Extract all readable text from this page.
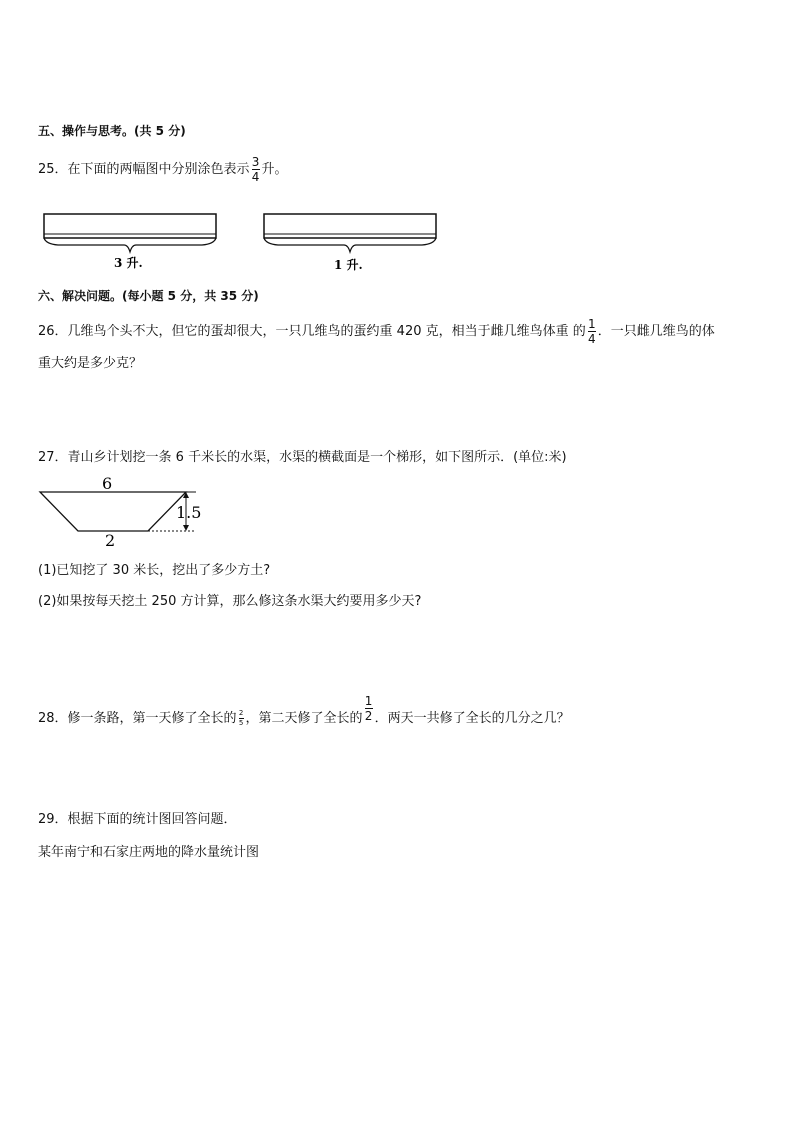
五、操作与思考。(共 5 分)
25．在下面的两幅图中分别涂色表示 $\frac{3}{4}$ 升。
3 升.	1 升.
六、解决问题。(每小题 5 分，共 35 分)
26．几维鸟个头不大，但它的蛋却很大，一只几维鸟的蛋约重 420 克，相当于雌几维鸟体重 的 $\frac{1}{4}$ ．一只雌几维鸟的体
重大约是多少克？
27．青山乡计划挖一条 6 千米长的水渠，水渠的横截面是一个梯形，如下图所示．(单位:米)
6
2
1.5
(1)已知挖了 30 米长，挖出了多少方土?
(2)如果按每天挖土 250 方计算，那么修这条水渠大约要用多少天?
28．修一条路，第一天修了全长的 $\frac{2}{5}$ ，第二天修了全长的 $\frac{1}{2}$ ．两天一共修了全长的几分之几？
29．根据下面的统计图回答问题．
某年南宁和石家庄两地的降水量统计图
